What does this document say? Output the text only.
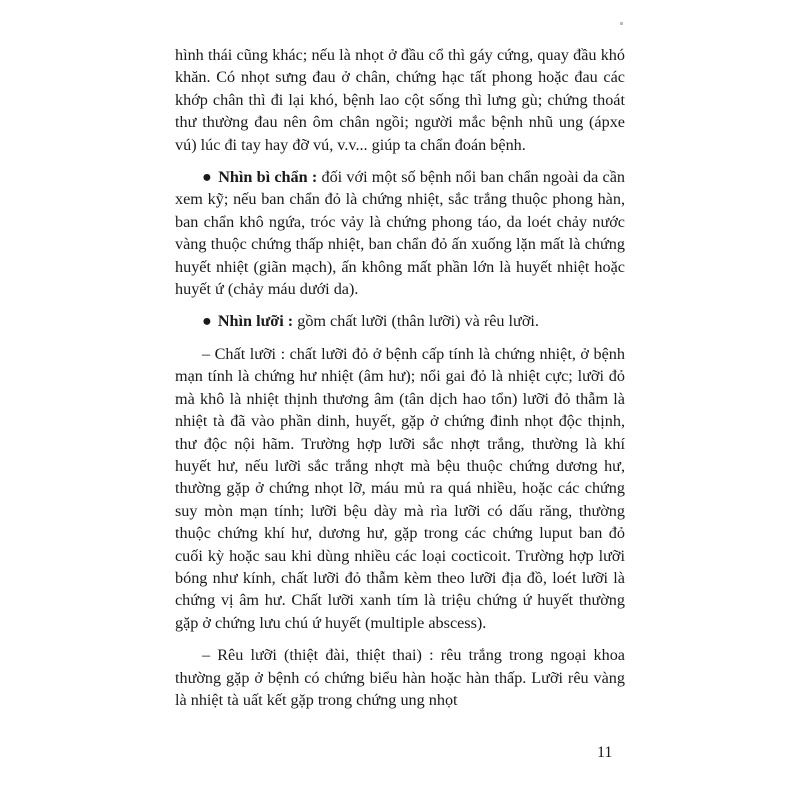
hình thái cũng khác; nếu là nhọt ở đầu cổ thì gáy cứng, quay đầu khó khăn. Có nhọt sưng đau ở chân, chứng hạc tất phong hoặc đau các khớp chân thì đi lại khó, bệnh lao cột sống thì lưng gù; chứng thoát thư thường đau nên ôm chân ngồi; người mắc bệnh nhũ ung (ápxe vú) lúc đi tay hay đỡ vú, v.v... giúp ta chẩn đoán bệnh.

● Nhìn bì chẩn : đối với một số bệnh nổi ban chẩn ngoài da cần xem kỹ; nếu ban chẩn đỏ là chứng nhiệt, sắc trắng thuộc phong hàn, ban chẩn khô ngứa, tróc vảy là chứng phong táo, da loét chảy nước vàng thuộc chứng thấp nhiệt, ban chẩn đỏ ấn xuống lặn mất là chứng huyết nhiệt (giãn mạch), ấn không mất phần lớn là huyết nhiệt hoặc huyết ứ (chảy máu dưới da).

● Nhìn lưỡi : gồm chất lưỡi (thân lưỡi) và rêu lưỡi.

– Chất lưỡi : chất lưỡi đỏ ở bệnh cấp tính là chứng nhiệt, ở bệnh mạn tính là chứng hư nhiệt (âm hư); nổi gai đỏ là nhiệt cực; lưỡi đỏ mà khô là nhiệt thịnh thương âm (tân dịch hao tổn) lưỡi đỏ thẫm là nhiệt tà đã vào phần dinh, huyết, gặp ở chứng đinh nhọt độc thịnh, thư độc nội hãm. Trường hợp lưỡi sắc nhợt trắng, thường là khí huyết hư, nếu lưỡi sắc trắng nhợt mà bệu thuộc chứng dương hư, thường gặp ở chứng nhọt lỡ, máu mủ ra quá nhiều, hoặc các chứng suy mòn mạn tính; lưỡi bệu dày mà rìa lưỡi có dấu răng, thường thuộc chứng khí hư, dương hư, gặp trong các chứng luput ban đỏ cuối kỳ hoặc sau khi dùng nhiều các loại cocticoit. Trường hợp lưỡi bóng như kính, chất lưỡi đỏ thẫm kèm theo lưỡi địa đồ, loét lưỡi là chứng vị âm hư. Chất lưỡi xanh tím là triệu chứng ứ huyết thường gặp ở chứng lưu chú ứ huyết (multiple abscess).

– Rêu lưỡi (thiệt đài, thiệt thai) : rêu trắng trong ngoại khoa thường gặp ở bệnh có chứng biểu hàn hoặc hàn thấp. Lưỡi rêu vàng là nhiệt tà uất kết gặp trong chứng ung nhọt

11
